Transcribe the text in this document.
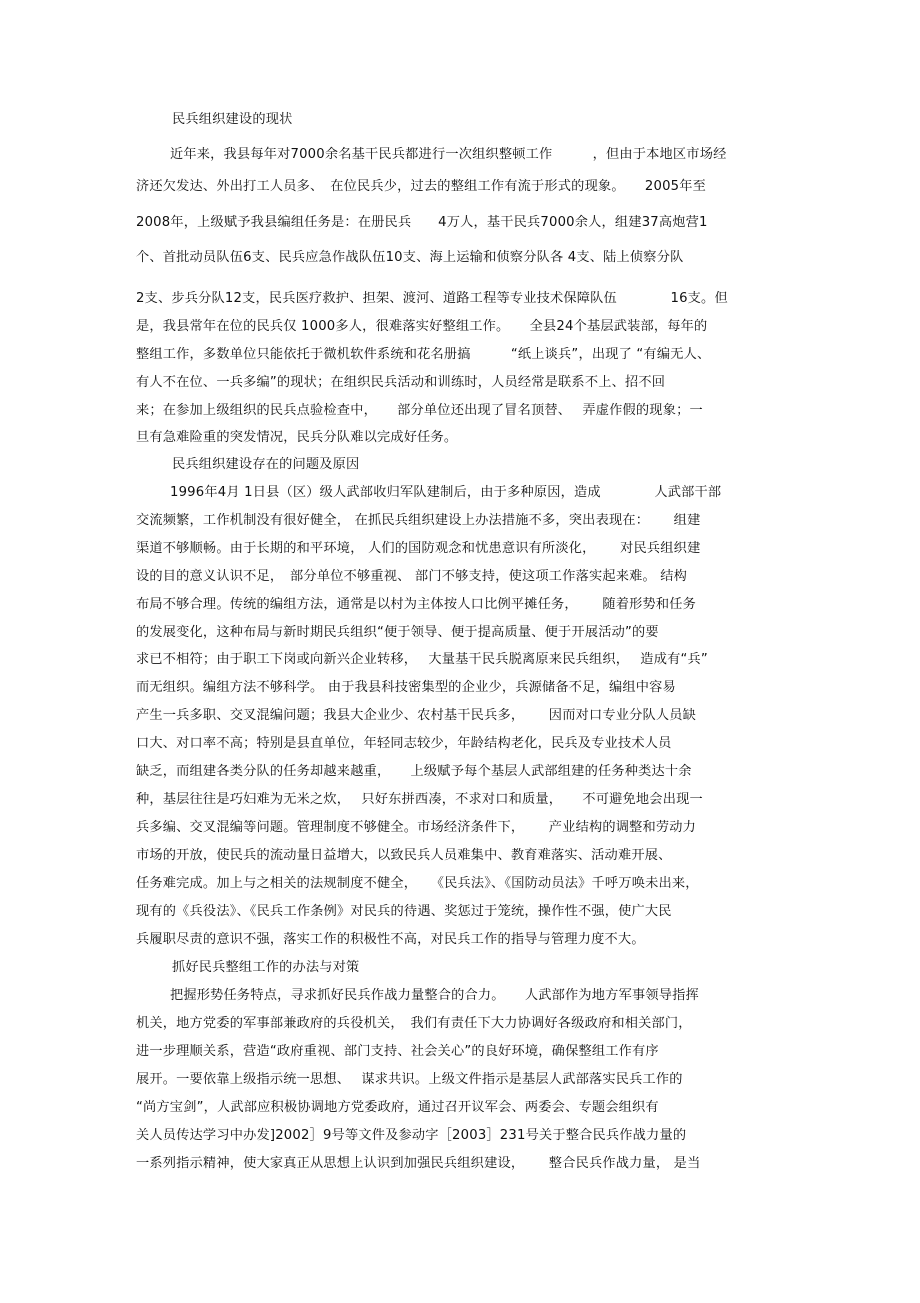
民兵组织建设的现状
近年来，我县每年对7000余名基干民兵都进行一次组织整顿工作　　　，但由于本地区市场经
济还欠发达、外出打工人员多、　在位民兵少，过去的整组工作有流于形式的现象。　　2005年至
2008年，上级赋予我县编组任务是：在册民兵　　4万人，基干民兵7000余人，组建37高炮营1
个、首批动员队伍6支、民兵应急作战队伍10支、海上运输和侦察分队各 4支、陆上侦察分队
2支、步兵分队12支，民兵医疗救护、担架、渡河、道路工程等专业技术保障队伍　　　　16支。但
是，我县常年在位的民兵仅 1000多人，很难落实好整组工作。　　全县24个基层武装部，每年的
整组工作，多数单位只能依托于微机软件系统和花名册搞　　　“纸上谈兵”，出现了 “有编无人、
有人不在位、一兵多编”的现状；在组织民兵活动和训练时，人员经常是联系不上、招不回
来；在参加上级组织的民兵点验检查中，　　部分单位还出现了冒名顶替、　 弄虚作假的现象；一
旦有急难险重的突发情况，民兵分队难以完成好任务。
民兵组织建设存在的问题及原因
1996年4月 1日县（区）级人武部收归军队建制后，由于多种原因，造成　　　　人武部干部
交流频繁，工作机制没有很好健全， 在抓民兵组织建设上办法措施不多，突出表现在：　　 组建
渠道不够顺畅。由于长期的和平环境， 人们的国防观念和忧患意识有所淡化，　　 对民兵组织建
设的目的意义认识不足，　部分单位不够重视、 部门不够支持，使这项工作落实起来难。 结构
布局不够合理。传统的编组方法，通常是以村为主体按人口比例平摊任务，　　 随着形势和任务
的发展变化，这种布局与新时期民兵组织“便于领导、便于提高质量、便于开展活动”的要
求已不相符；由于职工下岗或向新兴企业转移，　 大量基干民兵脱离原来民兵组织，　 造成有“兵”
而无组织。编组方法不够科学。 由于我县科技密集型的企业少，兵源储备不足，编组中容易
产生一兵多职、交叉混编问题；我县大企业少、农村基干民兵多，　　 因而对口专业分队人员缺
口大、对口率不高；特别是县直单位，年轻同志较少，年龄结构老化，民兵及专业技术人员
缺乏，而组建各类分队的任务却越来越重，　　上级赋予每个基层人武部组建的任务种类达十余
种，基层往往是巧妇难为无米之炊，　 只好东拼西凑，不求对口和质量，　　不可避免地会出现一
兵多编、交叉混编等问题。管理制度不够健全。市场经济条件下，　　 产业结构的调整和劳动力
市场的开放，使民兵的流动量日益增大，以致民兵人员难集中、教育难落实、活动难开展、
任务难完成。加上与之相关的法规制度不健全，　　《民兵法》、《国防动员法》千呼万唤未出来，
现有的《兵役法》、《民兵工作条例》对民兵的待遇、奖惩过于笼统，操作性不强，使广大民
兵履职尽责的意识不强，落实工作的积极性不高，对民兵工作的指导与管理力度不大。
抓好民兵整组工作的办法与对策
把握形势任务特点，寻求抓好民兵作战力量整合的合力。　　人武部作为地方军事领导指挥
机关，地方党委的军事部兼政府的兵役机关，　我们有责任下大力协调好各级政府和相关部门，
进一步理顺关系，营造“政府重视、部门支持、社会关心”的良好环境，确保整组工作有序
展开。一要依靠上级指示统一思想、　 谋求共识。上级文件指示是基层人武部落实民兵工作的
“尚方宝剑”，人武部应积极协调地方党委政府，通过召开议军会、两委会、专题会组织有
关人员传达学习中办发]2002］9号等文件及参动字［2003］231号关于整合民兵作战力量的
一系列指示精神，使大家真正从思想上认识到加强民兵组织建设，　　 整合民兵作战力量， 是当
